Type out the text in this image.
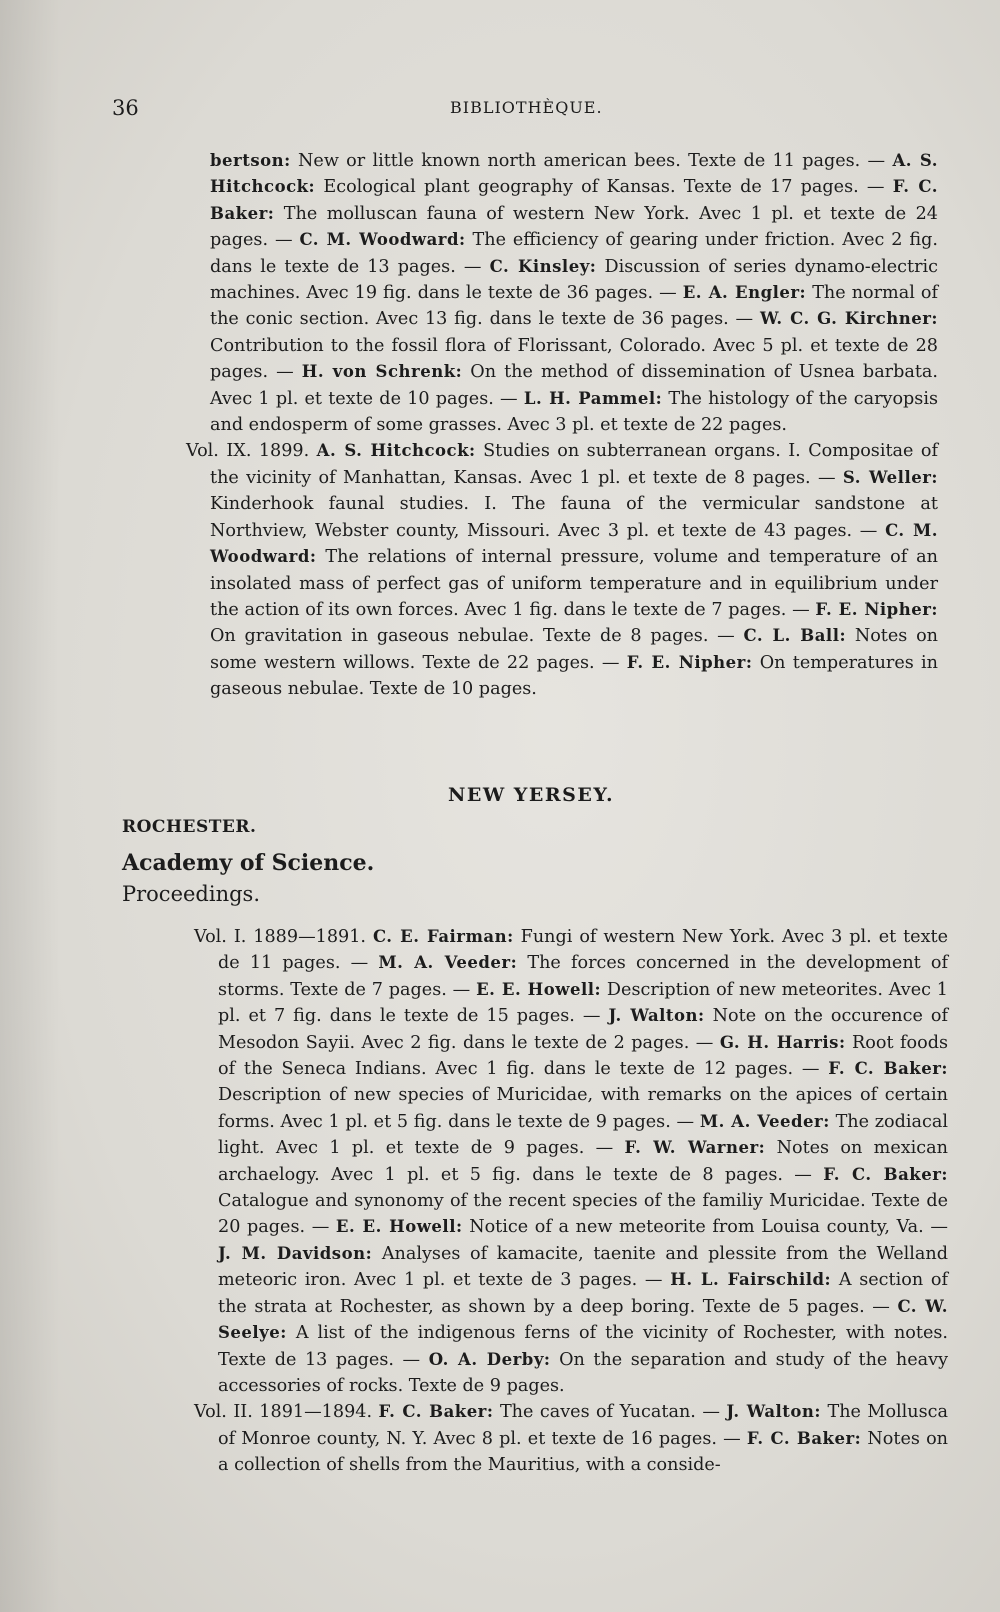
36	BIBLIOTHÈQUE.

bertson: New or little known north american bees. Texte de 11 pages. — A. S. Hitchcock: Ecological plant geography of Kansas. Texte de 17 pages. — F. C. Baker: The molluscan fauna of western New York. Avec 1 pl. et texte de 24 pages. — C. M. Woodward: The efficiency of gearing under friction. Avec 2 fig. dans le texte de 13 pages. — C. Kinsley: Discussion of series dynamo-electric machines. Avec 19 fig. dans le texte de 36 pages. — E. A. Engler: The normal of the conic section. Avec 13 fig. dans le texte de 36 pages. — W. C. G. Kirchner: Contribution to the fossil flora of Florissant, Colorado. Avec 5 pl. et texte de 28 pages. — H. von Schrenk: On the method of dissemination of Usnea barbata. Avec 1 pl. et texte de 10 pages. — L. H. Pammel: The histology of the caryopsis and endosperm of some grasses. Avec 3 pl. et texte de 22 pages.

Vol. IX. 1899. A. S. Hitchcock: Studies on subterranean organs. I. Compositae of the vicinity of Manhattan, Kansas. Avec 1 pl. et texte de 8 pages. — S. Weller: Kinderhook faunal studies. I. The fauna of the vermicular sandstone at Northview, Webster county, Missouri. Avec 3 pl. et texte de 43 pages. — C. M. Woodward: The relations of internal pressure, volume and temperature of an insolated mass of perfect gas of uniform temperature and in equilibrium under the action of its own forces. Avec 1 fig. dans le texte de 7 pages. — F. E. Nipher: On gravitation in gaseous nebulae. Texte de 8 pages. — C. L. Ball: Notes on some western willows. Texte de 22 pages. — F. E. Nipher: On temperatures in gaseous nebulae. Texte de 10 pages.

NEW YERSEY.
ROCHESTER.
Academy of Science.
Proceedings.

Vol. I. 1889—1891. C. E. Fairman: Fungi of western New York. Avec 3 pl. et texte de 11 pages. — M. A. Veeder: The forces concerned in the development of storms. Texte de 7 pages. — E. E. Howell: Description of new meteorites. Avec 1 pl. et 7 fig. dans le texte de 15 pages. — J. Walton: Note on the occurence of Mesodon Sayii. Avec 2 fig. dans le texte de 2 pages. — G. H. Harris: Root foods of the Seneca Indians. Avec 1 fig. dans le texte de 12 pages. — F. C. Baker: Description of new species of Muricidae, with remarks on the apices of certain forms. Avec 1 pl. et 5 fig. dans le texte de 9 pages. — M. A. Veeder: The zodiacal light. Avec 1 pl. et texte de 9 pages. — F. W. Warner: Notes on mexican archaelogy. Avec 1 pl. et 5 fig. dans le texte de 8 pages. — F. C. Baker: Catalogue and synonomy of the recent species of the familiy Muricidae. Texte de 20 pages. — E. E. Howell: Notice of a new meteorite from Louisa county, Va. — J. M. Davidson: Analyses of kamacite, taenite and plessite from the Welland meteoric iron. Avec 1 pl. et texte de 3 pages. — H. L. Fairschild: A section of the strata at Rochester, as shown by a deep boring. Texte de 5 pages. — C. W. Seelye: A list of the indigenous ferns of the vicinity of Rochester, with notes. Texte de 13 pages. — O. A. Derby: On the separation and study of the heavy accessories of rocks. Texte de 9 pages.

Vol. II. 1891—1894. F. C. Baker: The caves of Yucatan. — J. Walton: The Mollusca of Monroe county, N. Y. Avec 8 pl. et texte de 16 pages. — F. C. Baker: Notes on a collection of shells from the Mauritius, with a conside-
